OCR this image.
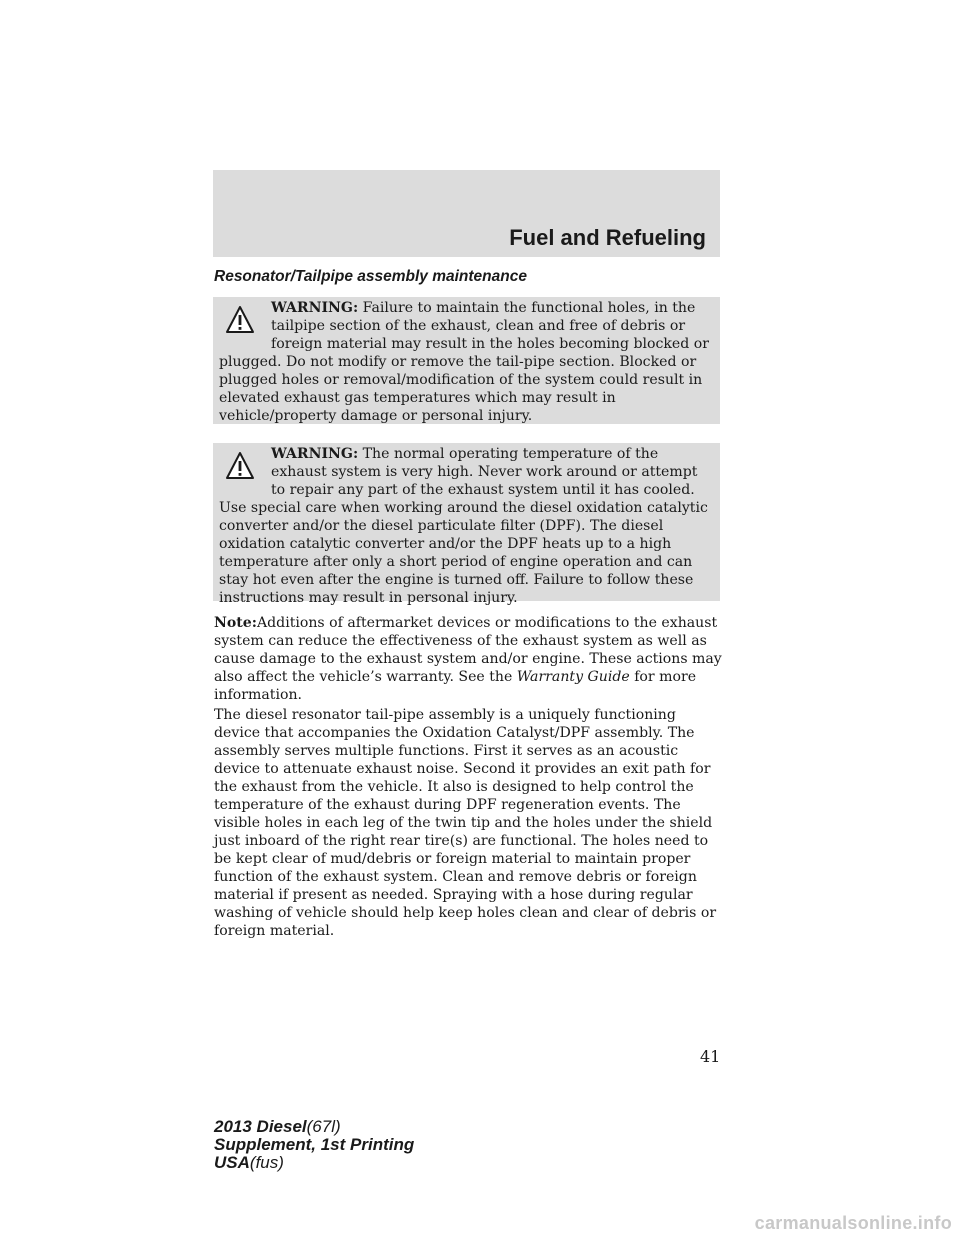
Fuel and Refueling
Resonator/Tailpipe assembly maintenance
WARNING: Failure to maintain the functional holes, in the tailpipe section of the exhaust, clean and free of debris or foreign material may result in the holes becoming blocked or plugged. Do not modify or remove the tail-pipe section. Blocked or plugged holes or removal/modification of the system could result in elevated exhaust gas temperatures which may result in vehicle/property damage or personal injury.
WARNING: The normal operating temperature of the exhaust system is very high. Never work around or attempt to repair any part of the exhaust system until it has cooled. Use special care when working around the diesel oxidation catalytic converter and/or the diesel particulate filter (DPF). The diesel oxidation catalytic converter and/or the DPF heats up to a high temperature after only a short period of engine operation and can stay hot even after the engine is turned off. Failure to follow these instructions may result in personal injury.
Note:Additions of aftermarket devices or modifications to the exhaust system can reduce the effectiveness of the exhaust system as well as cause damage to the exhaust system and/or engine. These actions may also affect the vehicle’s warranty. See the Warranty Guide for more information.
The diesel resonator tail-pipe assembly is a uniquely functioning device that accompanies the Oxidation Catalyst/DPF assembly. The assembly serves multiple functions. First it serves as an acoustic device to attenuate exhaust noise. Second it provides an exit path for the exhaust from the vehicle. It also is designed to help control the temperature of the exhaust during DPF regeneration events. The visible holes in each leg of the twin tip and the holes under the shield just inboard of the right rear tire(s) are functional. The holes need to be kept clear of mud/debris or foreign material to maintain proper function of the exhaust system. Clean and remove debris or foreign material if present as needed. Spraying with a hose during regular washing of vehicle should help keep holes clean and clear of debris or foreign material.
41
2013 Diesel(67l)
Supplement, 1st Printing
USA(fus)
carmanualsonline.info
